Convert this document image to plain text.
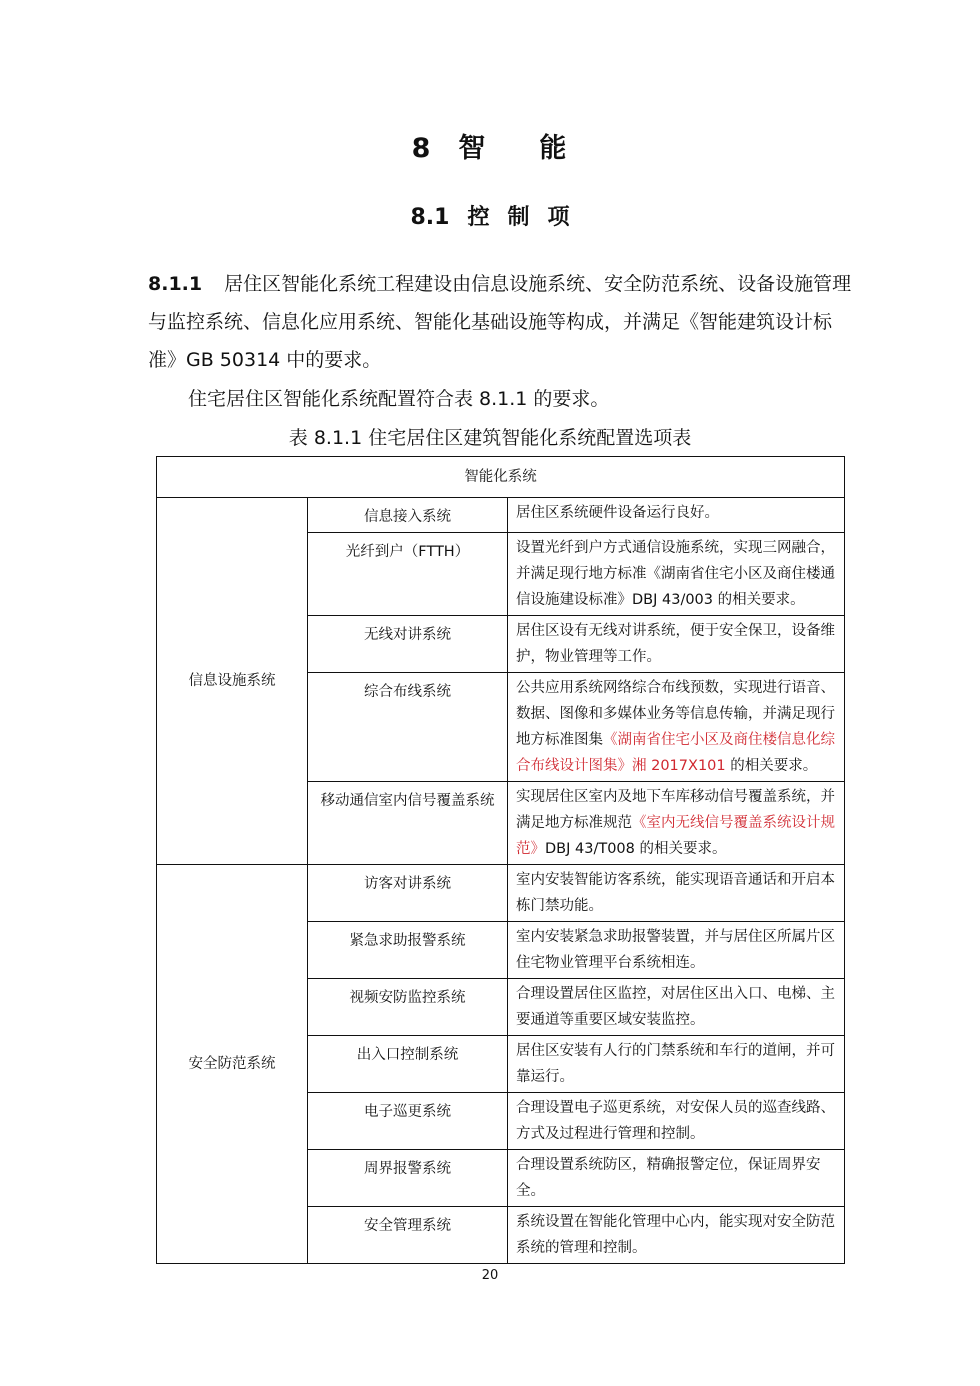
8 智 能
8.1 控 制 项
8.1.1 居住区智能化系统工程建设由信息设施系统、安全防范系统、设备设施管理与监控系统、信息化应用系统、智能化基础设施等构成，并满足《智能建筑设计标准》GB 50314 中的要求。
住宅居住区智能化系统配置符合表 8.1.1 的要求。
表 8.1.1 住宅居住区建筑智能化系统配置选项表
智能化系统		
信息设施系统	信息接入系统	居住区系统硬件设备运行良好。
	光纤到户（FTTH）	设置光纤到户方式通信设施系统，实现三网融合，并满足现行地方标准《湖南省住宅小区及商住楼通信设施建设标准》DBJ 43/003 的相关要求。
	无线对讲系统	居住区设有无线对讲系统，便于安全保卫，设备维护，物业管理等工作。
	综合布线系统	公共应用系统网络综合布线预数，实现进行语音、数据、图像和多媒体业务等信息传输，并满足现行地方标准图集《湖南省住宅小区及商住楼信息化综合布线设计图集》湘 2017X101 的相关要求。
	移动通信室内信号覆盖系统	实现居住区室内及地下车库移动信号覆盖系统，并满足地方标准规范《室内无线信号覆盖系统设计规范》DBJ 43/T008 的相关要求。
安全防范系统	访客对讲系统	室内安装智能访客系统，能实现语音通话和开启本栋门禁功能。
	紧急求助报警系统	室内安装紧急求助报警装置，并与居住区所属片区住宅物业管理平台系统相连。
	视频安防监控系统	合理设置居住区监控，对居住区出入口、电梯、主要通道等重要区域安装监控。
	出入口控制系统	居住区安装有人行的门禁系统和车行的道闸，并可靠运行。
	电子巡更系统	合理设置电子巡更系统，对安保人员的巡查线路、方式及过程进行管理和控制。
	周界报警系统	合理设置系统防区，精确报警定位，保证周界安全。
	安全管理系统	系统设置在智能化管理中心内，能实现对安全防范系统的管理和控制。
20
